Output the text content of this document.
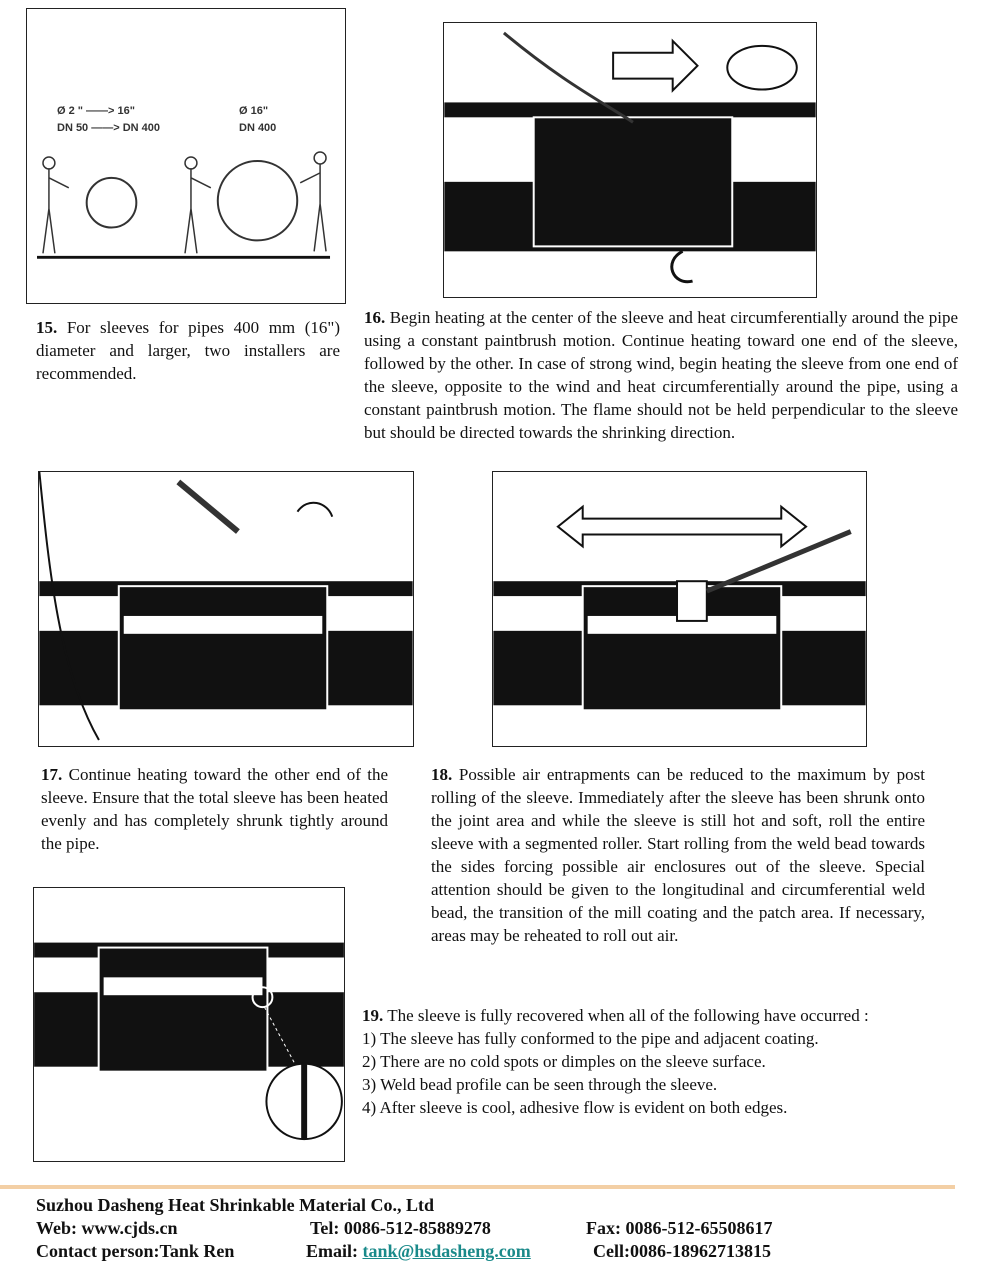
Ø 2 " ——> 16"
DN 50 ——> DN 400
Ø 16"
DN 400
15. For sleeves for pipes 400 mm (16") diameter and larger, two installers are recommended.
16. Begin heating at the center of the sleeve and heat circumferentially around the pipe using a constant paintbrush motion. Continue heating toward one end of the sleeve, followed by the other. In case of strong wind, begin heating the sleeve from one end of the sleeve, opposite to the wind and heat circumferentially around the pipe, using a constant paintbrush motion. The flame should not be held perpendicular to the sleeve but should be directed towards the shrinking direction.
17. Continue heating toward the other end of the sleeve. Ensure that the total sleeve has been heated evenly and has completely shrunk tightly around the pipe.
18. Possible air entrapments can be reduced to the maximum by post rolling of the sleeve. Immediately after the sleeve has been shrunk onto the joint area and while the sleeve is still hot and soft, roll the entire sleeve with a segmented roller. Start rolling from the weld bead towards the sides forcing possible air enclosures out of the sleeve. Special attention should be given to the longitudinal and circumferential weld bead, the transition of the mill coating and the patch area. If necessary, areas may be reheated to roll out air.
19. The sleeve is fully recovered when all of the following have occurred :
1) The sleeve has fully conformed to the pipe and adjacent coating.
2) There are no cold spots or dimples on the sleeve surface.
3) Weld bead profile can be seen through the sleeve.
4) After sleeve is cool, adhesive flow is evident on both edges.
Suzhou Dasheng Heat Shrinkable Material Co., Ltd
Web: www.cjds.cn	Tel: 0086-512-85889278	Fax: 0086-512-65508617
Contact person:Tank Ren	Email: tank@hsdasheng.com	Cell:0086-18962713815
